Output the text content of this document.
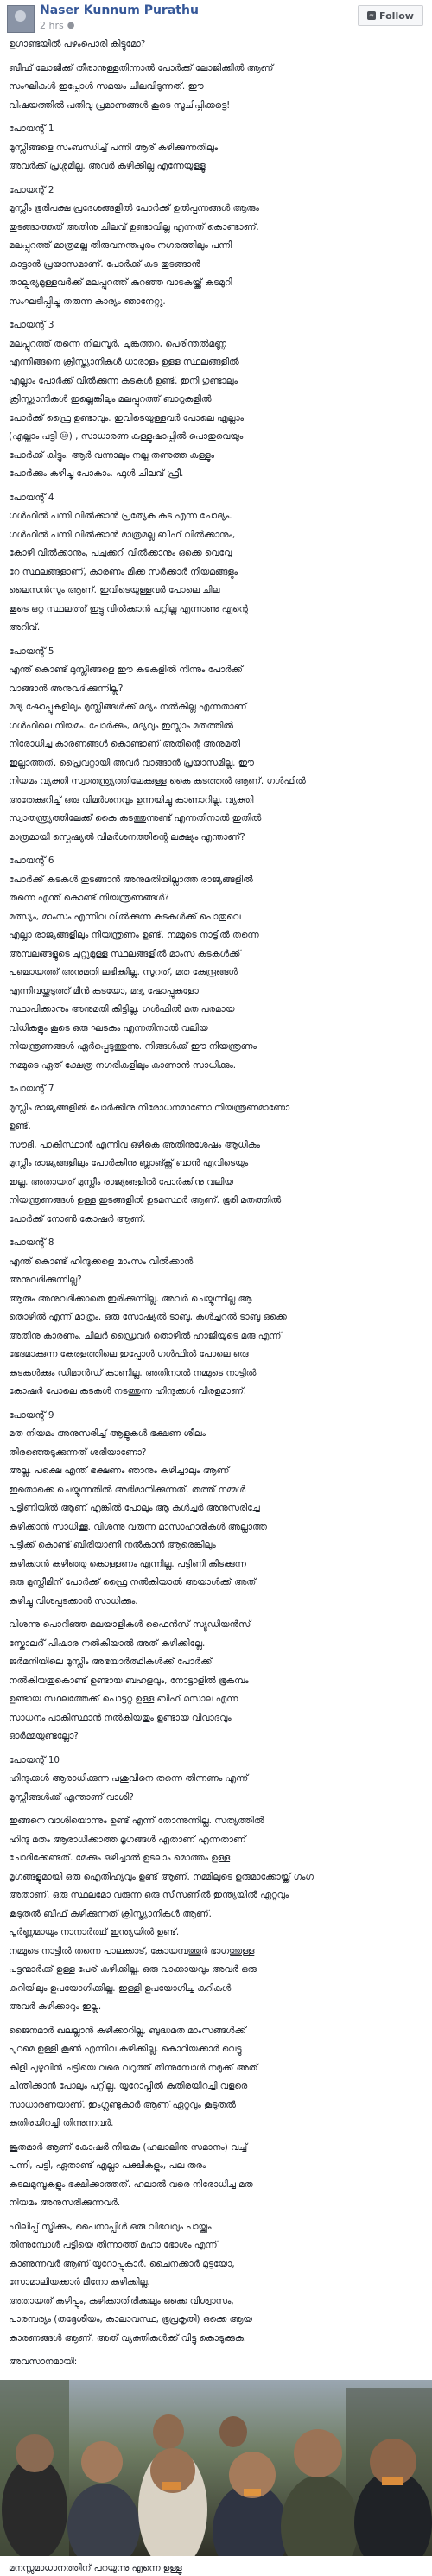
Naser Kunnum Purathu
2 hrs ●
≈ Follow

ഉഗാണ്ടയില്‍ പഴംപൊരി കിട്ടുമോ?

ബീഫ് ലോജിക്ക് തീരാനുള്ളതിന്നാല്‍ പോര്‍ക്ക് ലോജിക്കില്‍ ആണ്

സംഘികള്‍ ഇപ്പോള്‍ സമയം ചിലവിടുന്നത്. ഈ

വിഷയത്തില്‍ പതിവു പ്രമാണങ്ങള്‍ കൂടെ സൂചിപ്പിക്കട്ടെ!

പോയന്റ് 1

മുസ്ലീങ്ങളെ സംബന്ധിച്ച് പന്നി ആര് കഴിക്കുന്നതിലും

അവര്‍ക്ക് പ്രശ്നമില്ല. അവര്‍ കഴിക്കില്ല എന്നേയുള്ളൂ

പോയന്റ് 2

മുസ്ലീം ഭൂരിപക്ഷ പ്രദേശങ്ങളില്‍ പോര്‍ക്ക് ഉല്‍പ്പന്നങ്ങള്‍ ആരും

തുടങ്ങാത്തത് അതിനു ചിലവ് ഉണ്ടാവില്ല എന്നത് കൊണ്ടാണ്.

മലപ്പുറത്ത് മാത്രമല്ല തിരുവനന്തപുരം നഗരത്തിലും പന്നി

കാട്ടാന്‍ പ്രയാസമാണ്. പോര്‍ക്ക് കട തുടങ്ങാന്‍

താല്പര്യമുള്ളവര്‍ക്ക് മലപ്പുറത്ത് കുറഞ്ഞ വാടകയ്ക്ക് കടമുറി

സംഘടിപ്പിച്ചു തരുന്ന കാര്യം ഞാനേറ്റു.

പോയന്റ് 3

മലപ്പുറത്ത് തന്നെ നിലമ്പൂര്‍, ചുങ്കത്തറ, പെരിന്തല്‍മണ്ണ

എന്നിങ്ങനെ ക്രിസ്ത്യാനികള്‍ ധാരാളം ഉള്ള സ്ഥലങ്ങളില്‍

എല്ലാം പോര്‍ക്ക് വില്‍ക്കുന്ന കടകള്‍ ഉണ്ട്. ഇനി ഗുണ്ടാലും

ക്രിസ്ത്യാനികള്‍ ഇല്ലെങ്കിലും മലപ്പുറത്ത് ബാറുകളില്‍

പോര്‍ക്ക് ഫ്രൈ ഉണ്ടാവും. ഇവിടെയുള്ളവര്‍ പോലെ എല്ലാം

(എല്ലാം പട്ടി 😐) , സാധാരണ കള്ളുഷാപ്പില്‍ പൊതുവെയും

പോര്‍ക്ക് കിട്ടും. ആര്‍ വന്നാലും നല്ല തണുത്ത കള്ളും

പോര്‍ക്കും കഴിച്ചു പോകാം. ഫുള്‍ ചിലവ് ഫ്രീ.

പോയന്റ് 4

ഗള്‍ഫില്‍ പന്നി വില്‍ക്കാന്‍ പ്രത്യേക കട എന്ന ചോദ്യം.

ഗള്‍ഫില്‍ പന്നി വില്‍ക്കാന്‍ മാത്രമല്ല ബീഫ് വില്‍ക്കാനും,

കോഴി വില്‍ക്കാനും, പച്ചക്കറി വില്‍ക്കാനും ഒക്കെ വെവ്വേ

റേ സ്ഥലങ്ങളാണ്, കാരണം മിക്ക സര്‍ക്കാര്‍ നിയമങ്ങളും

ലൈസന്‍സും ആണ്. ഇവിടെയുള്ളവര്‍ പോലെ ചില

കൂടെ ഒറ്റ സ്ഥലത്ത് ഇട്ടു വില്‍ക്കാന്‍ പറ്റില്ല എന്നാണു എന്റെ

അറിവ്.

പോയന്റ് 5

എന്ത് കൊണ്ട് മുസ്ലീങ്ങളെ ഈ കടകളില്‍ നിന്നും പോര്‍ക്ക്

വാങ്ങാന്‍ അനുവദിക്കുന്നില്ല?

മദ്യ ഷോപ്പുകളിലും മുസ്ലീങ്ങള്‍ക്ക് മദ്യം നല്‍കില്ല എന്നതാണ്

ഗള്‍ഫിലെ നിയമം. പോര്‍ക്കും, മദ്യവും ഇസ്ലാം മതത്തില്‍

നിരോധിച്ച കാരണങ്ങള്‍ കൊണ്ടാണ് അതിന്റെ അനുമതി

ഇല്ലാത്തത്. പ്രൈവറ്റായി അവര്‍ വാങ്ങാന്‍ പ്രയാസമില്ല. ഈ

നിയമം വ്യക്തി സ്വാതന്ത്ര്യത്തിലേക്കുള്ള കൈ കടത്തല്‍ ആണ്. ഗള്‍ഫില്‍

അതേക്കുറിച്ച് ഒരു വിമര്‍ശനവും ഉന്നയിച്ചു കാണാറില്ല. വ്യക്തി

സ്വാതന്ത്ര്യത്തിലേക്ക് കൈ കടത്തുന്നുണ്ട് എന്നതിനാല്‍ ഇതിൽ

മാത്രമായി സ്പെഷ്യല്‍ വിമര്‍ശനത്തിന്റെ ലക്ഷ്യം എന്താണ്?

പോയന്റ് 6

പോര്‍ക്ക് കടകള്‍ തുടങ്ങാന്‍ അനുമതിയില്ലാത്ത രാജ്യങ്ങളില്‍

തന്നെ എന്ത് കൊണ്ട് നിയന്ത്രണങ്ങള്‍?

മത്സ്യം, മാംസം എന്നിവ വില്‍ക്കുന്ന കടകള്‍ക്ക് പൊതുവെ

എല്ലാ രാജ്യങ്ങളിലും നിയന്ത്രണം ഉണ്ട്. നമ്മുടെ നാട്ടില്‍ തന്നെ

അമ്പലങ്ങളുടെ ചുറ്റുമുള്ള സ്ഥലങ്ങളില്‍ മാംസ കടകള്‍ക്ക്

പഞ്ചായത്ത് അനുമതി ലഭിക്കില്ല. സൂറത്, മത കേന്ദ്രങ്ങള്‍

എന്നിവയ്ക്കടുത്ത് മീന്‍ കടയോ, മദ്യ ഷോപ്പുകളോ

സ്ഥാപിക്കാനും അനുമതി കിട്ടില്ല. ഗള്‍ഫില്‍ മത പരമായ

വിധികളും കൂടെ ഒരു ഘടകം എന്നതിനാല്‍ വലിയ

നിയന്ത്രണങ്ങള്‍ ഏര്‍പ്പെടുത്തുന്നു. നിങ്ങള്‍ക്ക് ഈ നിയന്ത്രണം

നമ്മുടെ ഏത് ക്ഷേത്ര നഗരികളിലും കാണാന്‍ സാധിക്കും.

പോയന്റ് 7

മുസ്ലീം രാജ്യങ്ങളില്‍ പോര്‍ക്കിനു നിരോധനമാണോ നിയന്ത്രണമാണോ

ഉണ്ട്.

സൗദി, പാകിസ്ഥാന്‍ എന്നിവ ഒഴികെ അതിനുശേഷം ആധികം

മുസ്ലീം രാജ്യങ്ങളിലും പോര്‍ക്കിനു ബ്ലാങ്ക്റ്റ് ബാന്‍ എവിടെയും

ഇല്ല. അതായത് മുസ്ലീം രാജ്യങ്ങളില്‍ പോര്‍ക്കിനു വലിയ

നിയന്ത്രണങ്ങള്‍ ഉള്ള ഇടങ്ങളില്‍ ഉടമസ്ഥര്‍ ആണ്. ഭൂരി മതത്തില്‍

പോര്‍ക്ക് നോണ്‍ കോഷര്‍ ആണ്.

പോയന്റ് 8

എന്ത് കൊണ്ട് ഹിന്ദുക്കളെ മാംസം വില്‍ക്കാന്‍

അനുവദിക്കുന്നില്ല?

ആരും അനുവദിക്കാതെ ഇരിക്കുന്നില്ല. അവര്‍ ചെയ്യുന്നില്ല ആ

തൊഴില്‍ എന്ന് മാത്രം. ഒരു സോഷ്യല്‍ ടാബൂ, കള്‍ച്ചറല്‍ ടാബൂ ഒക്കെ

അതിനു കാരണം. ചിലര്‍ ഡ്രൈവര്‍ തൊഴില്‍ ഹാജിയുടെ മരു എന്ന്

ഭേദമാക്കുന്ന കേരളത്തിലെ ഇപ്പോള്‍ ഗള്‍ഫില്‍ പോലെ ഒരു

കടകള്‍ക്കും ഡിമാന്‍ഡ് കാണില്ല. അതിനാല്‍ നമ്മുടെ നാട്ടില്‍

കോഷര്‍ പോലെ കടകള്‍ നടത്തുന്ന ഹിന്ദുക്കള്‍ വിരളമാണ്.

പോയന്റ് 9

മത നിയമം അനുസരിച്ച് ആളുകള്‍ ഭക്ഷണ ശീലം

തിരഞ്ഞെടുക്കുന്നത് ശരിയാണോ?

അല്ല. പക്ഷെ എന്ത് ഭക്ഷണം ഞാനും കഴിച്ചാലും ആണ്

ഇതൊക്കെ ചെയ്യുന്നതില്‍ അഭിമാനിക്കുന്നത്. തത്ത് നമ്മള്‍

പട്ടിണിയില്‍ ആണ് എങ്കില്‍ പോലും ആ കൾച്ചർ അനുസരിച്ചേ

കഴിക്കാന്‍ സാധിക്കൂ. വിശന്നു വരുന്ന മാസാഹാരികള്‍ അല്ലാത്ത

പട്ടിക്ക് കൊണ്ട് ബിരിയാണി നല്‍കാന്‍ ആരെങ്കിലും

കഴിക്കാന്‍ കഴിഞ്ഞു കൊള്ളണം എന്നില്ല. പട്ടിണി കിടക്കുന്ന

ഒരു മുസ്ലീമിന് പോര്‍ക്ക് ഫ്രൈ നല്‍കിയാല്‍ അയാള്‍ക്ക് അത്

കഴിച്ചു വിശപ്പടക്കാന്‍ സാധിക്കും.

വിശന്നു പൊറിഞ്ഞ മലയാളികള്‍ ഫൈന്‍സ് സ്യൂഡിയന്‍സ്

സ്കോലർ്‍ പിഷാര നല്‍കിയാല്‍ അത് കഴിക്കില്ലേ.

ജർമനിയിലെ മുസ്ലീം അഭയാര്‍ത്ഥികള്‍ക്ക് പോര്‍ക്ക്

നല്‍കിയതുകൊണ്ട് ഉണ്ടായ ബഹളവും, നോട്ടാളില്‍ ഭൂകമ്പം

ഉണ്ടായ സ്ഥലത്തേക്ക് പൊട്ടറ്റ ഉള്ള ബീഫ് മസാല എന്ന

സാധനം പാകിസ്ഥാന്‍ നല്‍കിയതും ഉണ്ടായ വിവാദവും

ഓര്‍മ്മയുണ്ടല്ലോ?

പോയന്റ് 10

ഹിന്ദുക്കള്‍ ആരാധിക്കുന്ന പശുവിനെ തന്നെ തിന്നണം എന്ന്

മുസ്ലീങ്ങള്‍ക്ക് എന്താണ് വാശി?

ഇങ്ങനെ വാശിയൊന്നും ഉണ്ട് എന്ന് തോന്നുന്നില്ല. സത്യത്തില്‍

ഹിന്ദു മതം ആരാധിക്കാത്ത മൃഗങ്ങള്‍ ഏതാണ് എന്നതാണ്

ചോദിക്കേണ്ടത്. മേക്കും ഒഴിച്ചാല്‍ ഉടലാം മൊത്തം ഉള്ള

മൃഗങ്ങളുമായി ഒരു ഐതിഹ്യവും ഉണ്ട് ആണ്. നമ്മിലുടെ ഉരുമാക്കോയ്ക്ക് ഗംഗ

അതാണ്. ഒരു സ്ഥലമോ വരുന്ന ഒരു സീസണില്‍ ഇന്ത്യയില്‍ ഏറ്റവും

കൂടുതല്‍ ബീഫ് കഴിക്കുന്നത് ക്രിസ്ത്യാനികള്‍ ആണ്.

പൂര്‍ണ്ണമായും നാനാർത്ഥ് ഇന്ത്യയില്‍ ഉണ്ട്.

നമ്മുടെ നാട്ടില്‍ തന്നെ പാലക്കാട്, കോയമ്പത്തൂര്‍ ഭാഗത്തുള്ള

പട്ടന്മാര്‍ക്ക് ഉള്ള പേര് കഴിക്കില്ല. ഒരു വാക്കായവും അവര്‍ ഒരു

കറിയിലും ഉപയോഗിക്കില്ല. ഇള്ളി ഉപയോഗിച്ച കറികള്‍

അവര്‍ കഴിക്കാറും ഇല്ല.

ജൈനമാര്‍ ഖലല്ലാന്‍ കഴിക്കാറില്ല, ബുദ്ധമത മാംസങ്ങള്‍ക്ക്

പുറമെ ഉള്ളി കൂണ്‍ എന്നിവ കഴിക്കില്ല. കൊറിയക്കാര്‍ വെട്ടു

കിളി പുഴുവിന്‍ ചട്ടിയെ വരെ വറുത്ത് തിന്നുമ്പോള്‍ നമുക്ക് അത്

ചിന്തിക്കാന്‍ പോലും പറ്റില്ല. യൂറോപ്പില്‍ കുതിരയിറച്ചി വളരെ

സാധാരണയാണ്. ഇംഗ്ലണ്ടുകാര്‍ ആണ് ഏറ്റവും കൂടുതല്‍

കുതിരയിറച്ചി തിന്നുന്നവര്‍.

ജൂതമാര്‍ ആണ് കോഷര്‍ നിയമം (ഹലാലിനു സമാനം) വച്ച്

പന്നി, പട്ടി, ഏതാണ്ട് എല്ലാ പക്ഷികളും, പല തരം

കടലമുമ്പൂകളും ഭക്ഷിക്കാത്തത്. ഹലാല്‍ വരെ നിരോധിച്ച മത

നിയമം അനുസരിക്കുന്നവര്‍.

ഫിലിപ്പ് സ്ട്രിക്കും, പൈനാപ്പിള്‍ ഒരു വിഭവവും പായ്ക്കും

തിന്നുമ്പോള്‍ പട്ടിയെ തിന്നാത്ത് മഹാ ഭോശം എന്ന്

കാണുന്നവര്‍ ആണ് യൂറോപ്പുകാര്‍. ചൈനക്കാര്‍ മുട്ടയോ,

സോമാലിയക്കാര്‍ മീനോ കഴിക്കില്ല.

അതായത് കഴിപ്പും, കഴിക്കാതിരിക്കലും ഒക്കെ വിശ്വാസം,

പാരമ്പര്യം (തദ്ദേശീയം, കാലാവസ്ഥ, ഭൂപ്രകൃതി) ഒക്കെ ആയ

കാരണങ്ങള്‍ ആണ്. അത് വ്യക്തികള്‍ക്ക് വിട്ടു കൊടുക്കുക.

അവസാനമായി:

മനസ്സമാധാനത്തിന് പറയുന്നു എന്നെ ഉള്ളൂ
